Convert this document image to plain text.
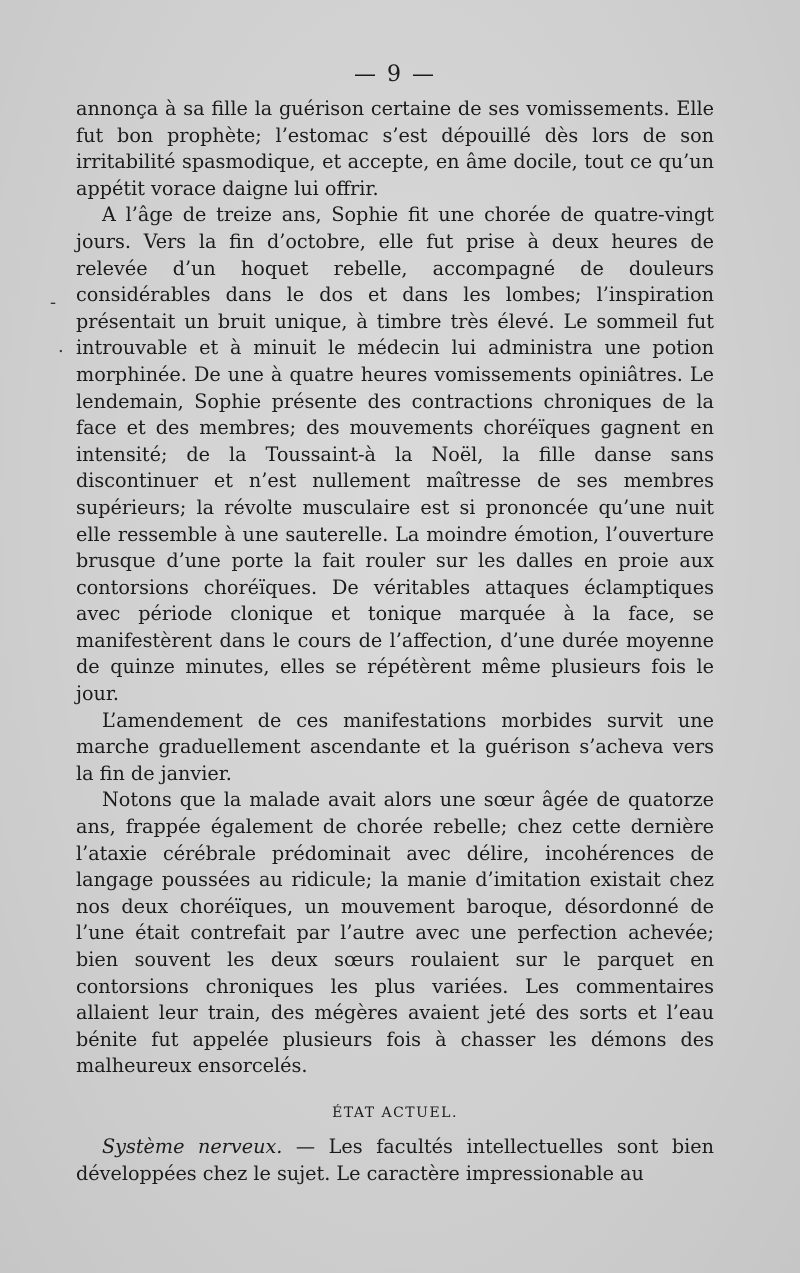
-
.
— 9 —

annonça à sa fille la guérison certaine de ses vomissements. Elle fut bon prophète; l’estomac s’est dépouillé dès lors de son irritabilité spasmodique, et accepte, en âme docile, tout ce qu’un appétit vorace daigne lui offrir.

A l’âge de treize ans, Sophie fit une chorée de quatre-vingt jours. Vers la fin d’octobre, elle fut prise à deux heures de relevée d’un hoquet rebelle, accompagné de douleurs considérables dans le dos et dans les lombes; l’inspiration présentait un bruit unique, à timbre très élevé. Le sommeil fut introuvable et à minuit le médecin lui administra une potion morphinée. De une à quatre heures vomissements opiniâtres. Le lendemain, Sophie présente des contractions chroniques de la face et des membres; des mouvements choréïques gagnent en intensité; de la Toussaint-à la Noël, la fille danse sans discontinuer et n’est nullement maîtresse de ses membres supérieurs; la révolte musculaire est si prononcée qu’une nuit elle ressemble à une sauterelle. La moindre émotion, l’ouverture brusque d’une porte la fait rouler sur les dalles en proie aux contorsions choréïques. De véritables attaques éclamptiques avec période clonique et tonique marquée à la face, se manifestèrent dans le cours de l’affection, d’une durée moyenne de quinze minutes, elles se répétèrent même plusieurs fois le jour.

L’amendement de ces manifestations morbides survit une marche graduellement ascendante et la guérison s’acheva vers la fin de janvier.

Notons que la malade avait alors une sœur âgée de quatorze ans, frappée également de chorée rebelle; chez cette dernière l’ataxie cérébrale prédominait avec délire, incohérences de langage poussées au ridicule; la manie d’imitation existait chez nos deux choréïques, un mouvement baroque, désordonné de l’une était contrefait par l’autre avec une perfection achevée; bien souvent les deux sœurs roulaient sur le parquet en contorsions chroniques les plus variées. Les commentaires allaient leur train, des mégères avaient jeté des sorts et l’eau bénite fut appelée plusieurs fois à chasser les démons des malheureux ensorcelés.

ÉTAT ACTUEL.

Système nerveux. — Les facultés intellectuelles sont bien développées chez le sujet. Le caractère impressionable au
